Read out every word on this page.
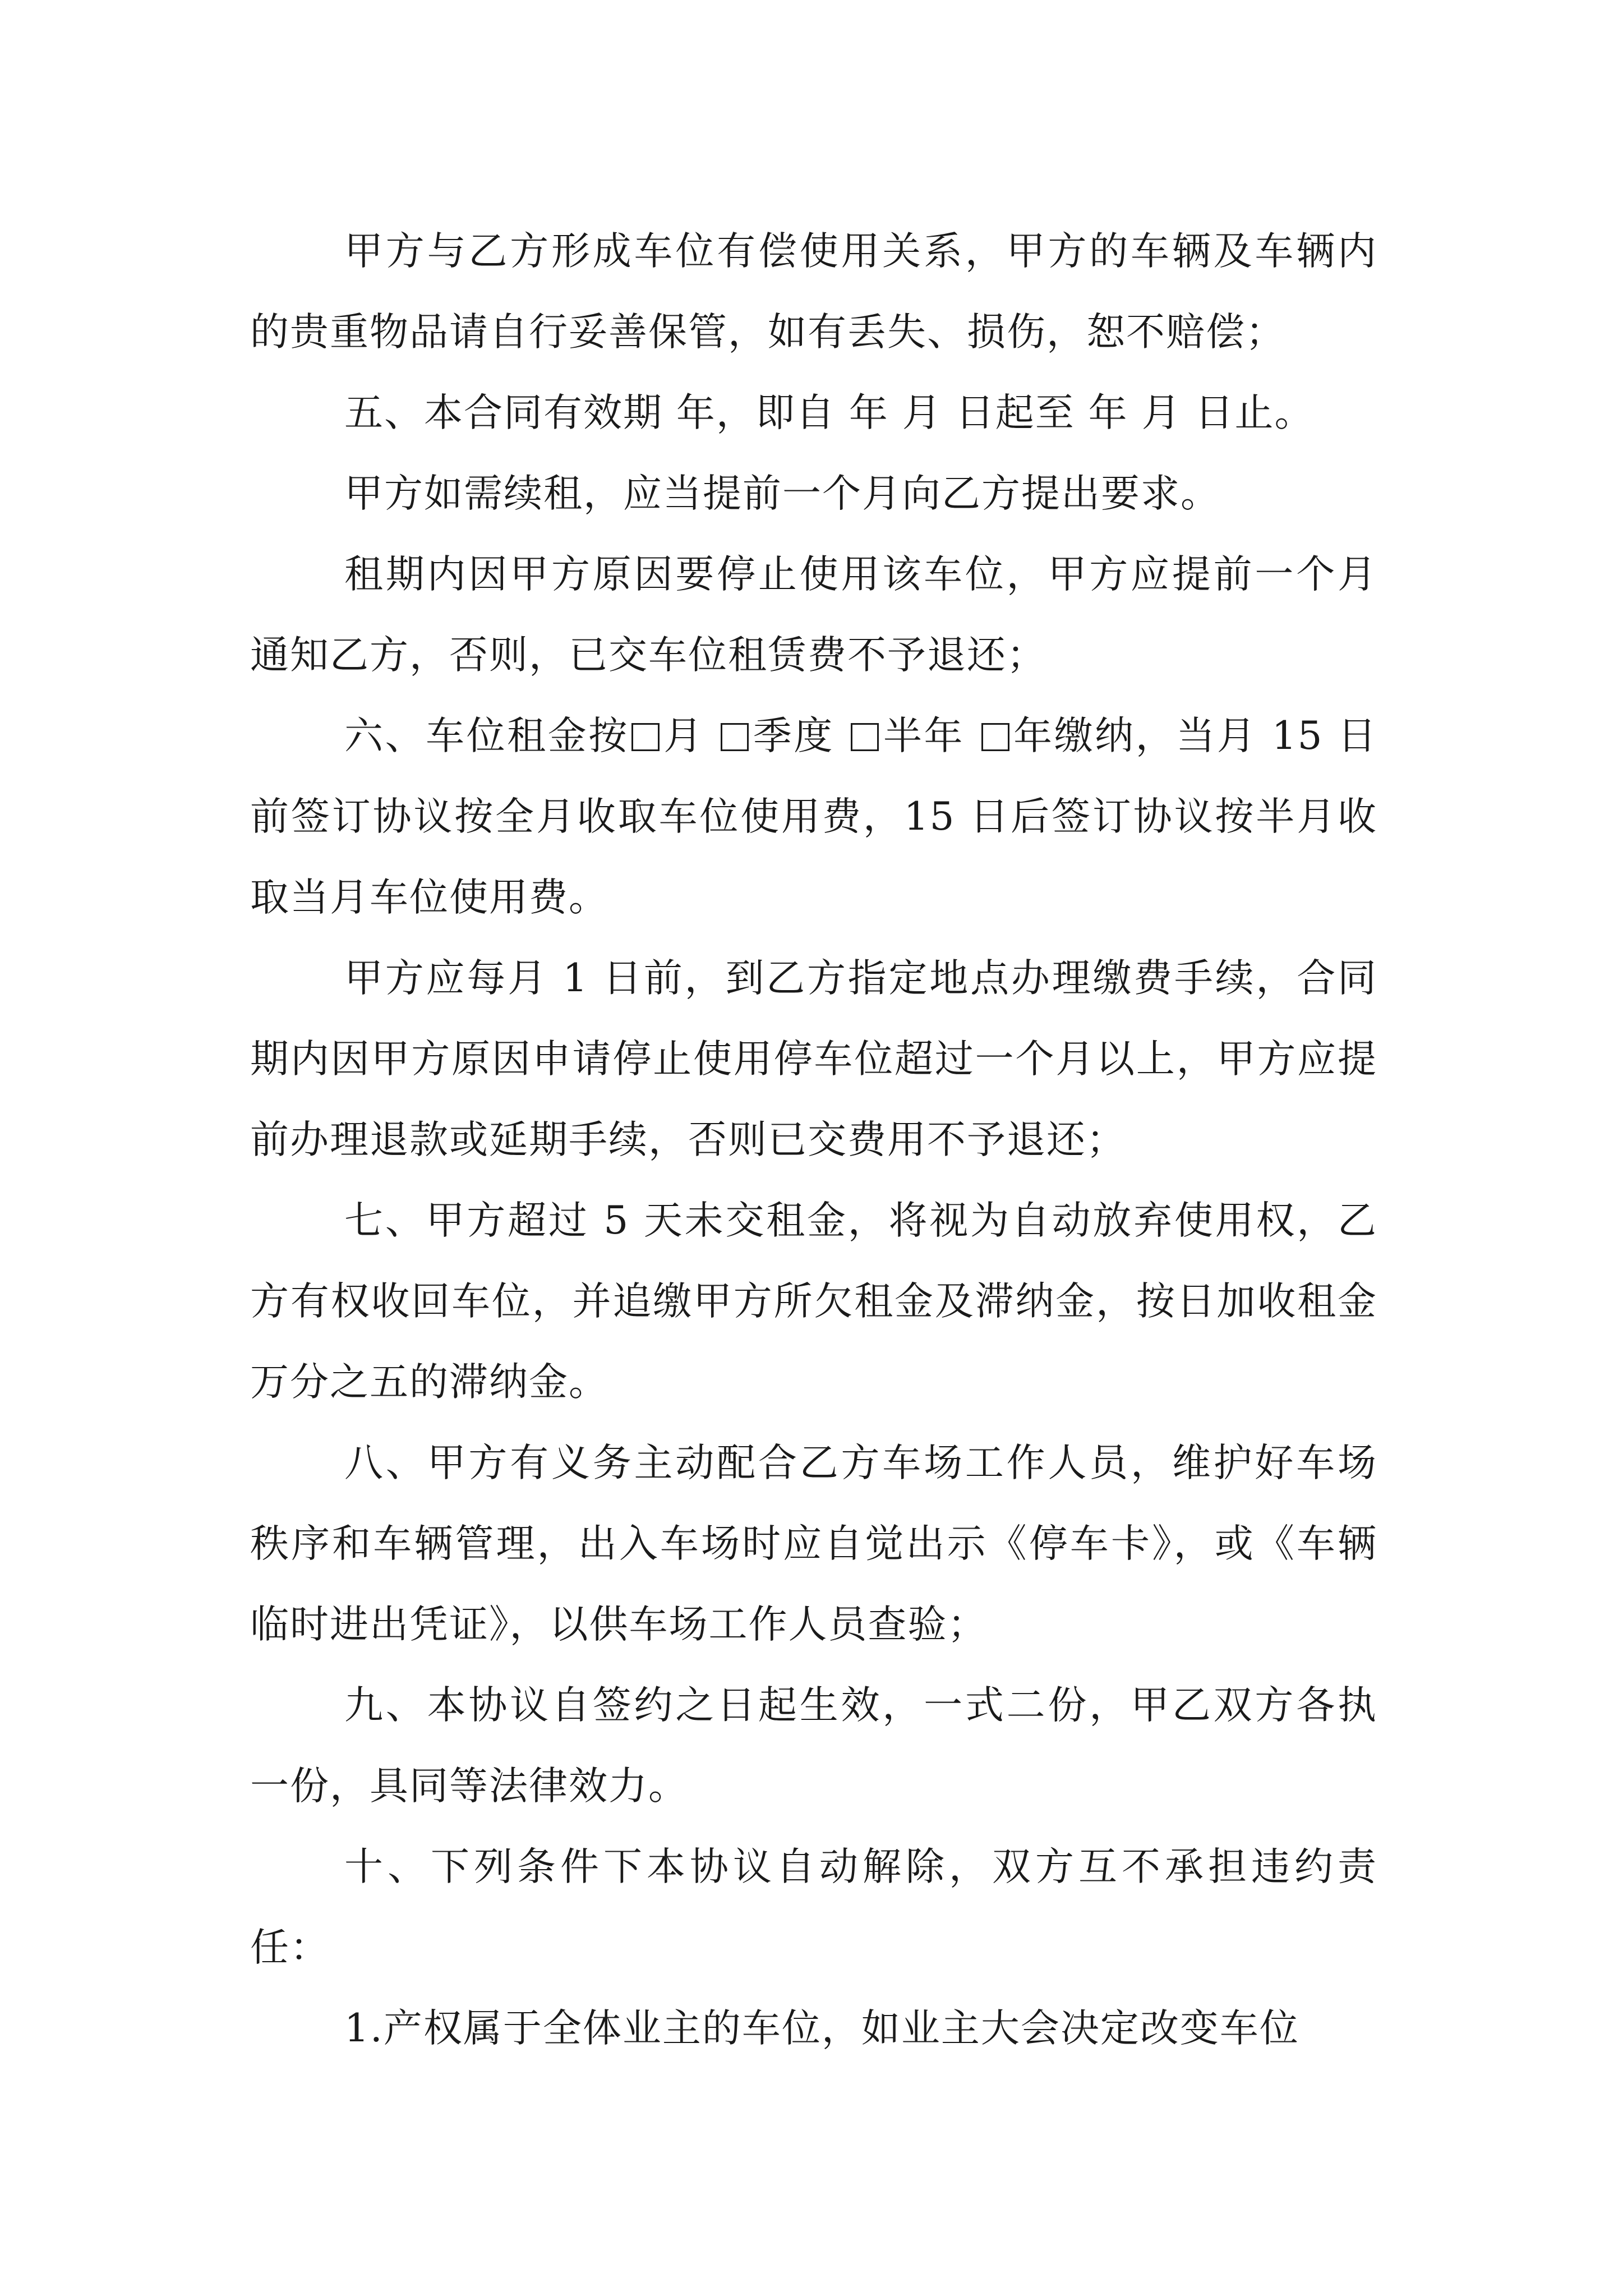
甲方与乙方形成车位有偿使用关系，甲方的车辆及车辆内的贵重物品请自行妥善保管，如有丢失、损伤，恕不赔偿；

五、本合同有效期 年，即自 年 月 日起至 年 月 日止。

甲方如需续租，应当提前一个月向乙方提出要求。

租期内因甲方原因要停止使用该车位，甲方应提前一个月通知乙方，否则，已交车位租赁费不予退还；

六、车位租金按 月 季度 半年 年缴纳，当月 15 日前签订协议按全月收取车位使用费，15 日后签订协议按半月收取当月车位使用费。

甲方应每月 1 日前，到乙方指定地点办理缴费手续，合同期内因甲方原因申请停止使用停车位超过一个月以上，甲方应提前办理退款或延期手续，否则已交费用不予退还；

七、甲方超过 5 天未交租金，将视为自动放弃使用权，乙方有权收回车位，并追缴甲方所欠租金及滞纳金，按日加收租金万分之五的滞纳金。

八、甲方有义务主动配合乙方车场工作人员，维护好车场秩序和车辆管理，出入车场时应自觉出示《停车卡》，或《车辆临时进出凭证》，以供车场工作人员查验；

九、本协议自签约之日起生效，一式二份，甲乙双方各执一份，具同等法律效力。

十、下列条件下本协议自动解除，双方互不承担违约责任：

1.产权属于全体业主的车位，如业主大会决定改变车位
